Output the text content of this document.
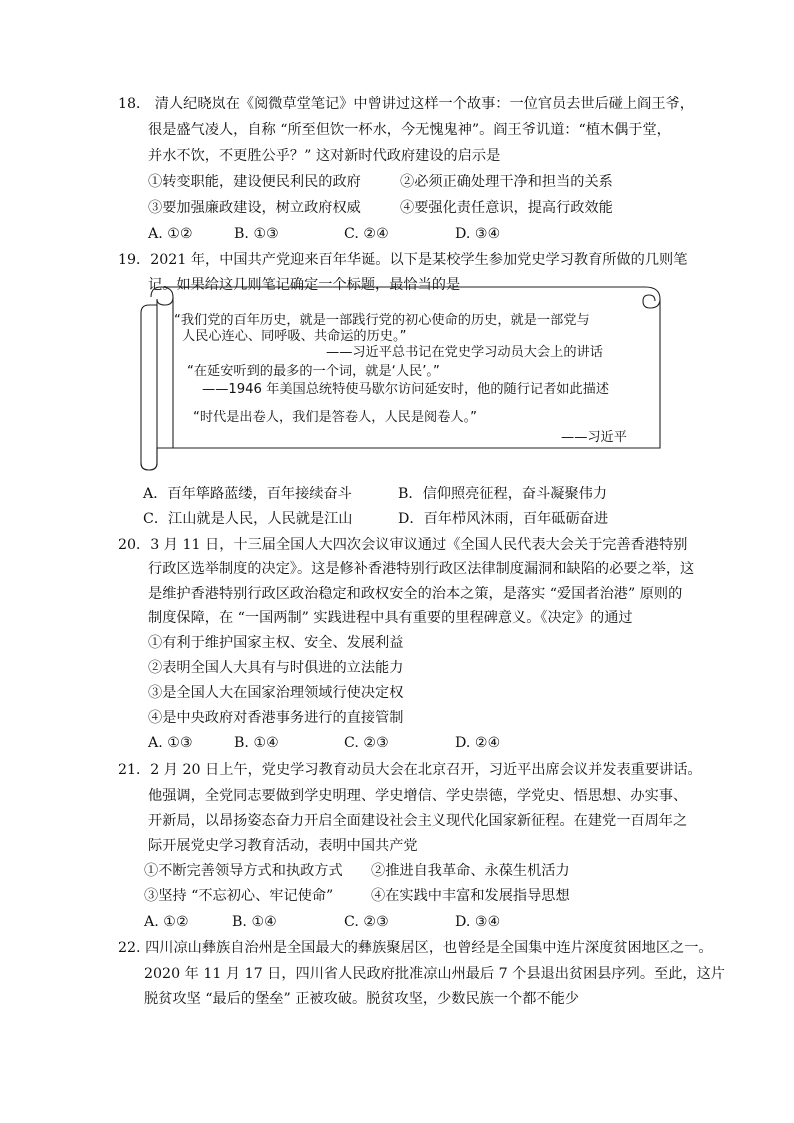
18． 清人纪晓岚在《阅微草堂笔记》中曾讲过这样一个故事：一位官员去世后碰上阎王爷，
很是盛气凌人，自称 “所至但饮一杯水，今无愧鬼神”。阎王爷讥道：“植木偶于堂，
并水不饮，不更胜公乎？” 这对新时代政府建设的启示是
①转变职能，建设便民利民的政府	②必须正确处理干净和担当的关系
③要加强廉政建设，树立政府权威	④要强化责任意识，提高行政效能
A. ①②	B. ①③	C. ②④	D. ③④
19．2021 年，中国共产党迎来百年华诞。以下是某校学生参加党史学习教育所做的几则笔
记。如果给这几则笔记确定一个标题，最恰当的是
“我们党的百年历史，就是一部践行党的初心使命的历史，就是一部党与
人民心连心、同呼吸、共命运的历史。”
——习近平总书记在党史学习动员大会上的讲话
“在延安听到的最多的一个词，就是‘人民’。”
——1946 年美国总统特使马歇尔访问延安时，他的随行记者如此描述
“时代是出卷人，我们是答卷人，人民是阅卷人。”
——习近平
A．百年筚路蓝缕，百年接续奋斗	B．信仰照亮征程，奋斗凝聚伟力
C．江山就是人民，人民就是江山	D．百年栉风沐雨，百年砥砺奋进
20．3 月 11 日，十三届全国人大四次会议审议通过《全国人民代表大会关于完善香港特别
行政区选举制度的决定》。这是修补香港特别行政区法律制度漏洞和缺陷的必要之举，这
是维护香港特别行政区政治稳定和政权安全的治本之策，是落实 “爱国者治港” 原则的
制度保障，在 “一国两制” 实践进程中具有重要的里程碑意义。《决定》的通过
①有利于维护国家主权、安全、发展利益
②表明全国人大具有与时俱进的立法能力
③是全国人大在国家治理领域行使决定权
④是中央政府对香港事务进行的直接管制
A. ①③	B. ①④	C. ②③	D. ②④
21．2 月 20 日上午，党史学习教育动员大会在北京召开，习近平出席会议并发表重要讲话。
他强调，全党同志要做到学史明理、学史增信、学史崇德，学党史、悟思想、办实事、
开新局，以昂扬姿态奋力开启全面建设社会主义现代化国家新征程。在建党一百周年之
际开展党史学习教育活动，表明中国共产党
①不断完善领导方式和执政方式 ②推进自我革命、永葆生机活力
③坚持 “不忘初心、牢记使命”	④在实践中丰富和发展指导思想
A. ①②	B. ①④	C. ②③	D. ③④
22. 四川凉山彝族自治州是全国最大的彝族聚居区，也曾经是全国集中连片深度贫困地区之一。
2020 年 11 月 17 日，四川省人民政府批准凉山州最后 7 个县退出贫困县序列。至此，这片
脱贫攻坚 “最后的堡垒” 正被攻破。脱贫攻坚，少数民族一个都不能少
